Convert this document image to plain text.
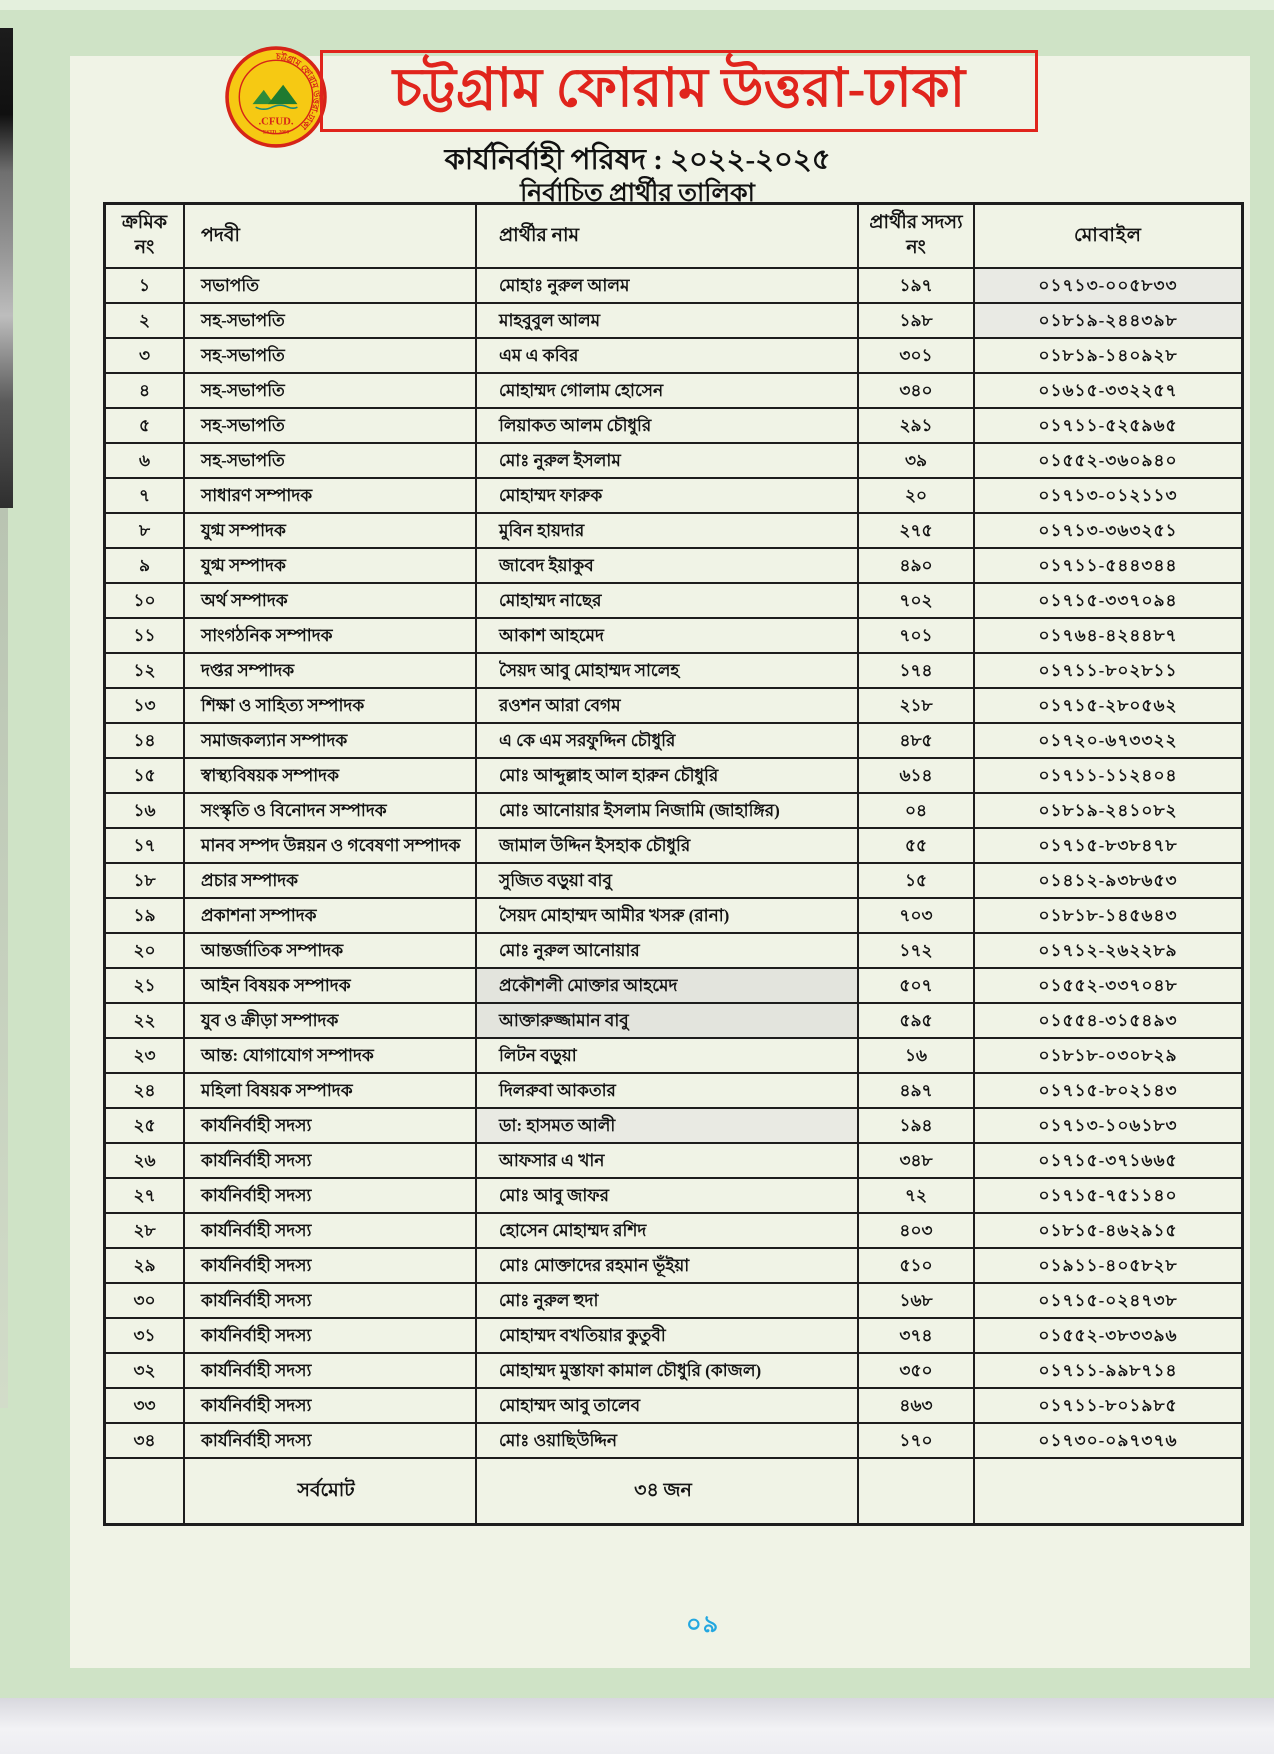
চট্টগ্রাম ফোরাম উত্তরা-ঢাকা
.CFUD.
ESTD. 2008
চট্টগ্রাম ফোরাম উত্তরা-ঢাকা
কার্যনির্বাহী পরিষদ : ২০২২-২০২৫
নির্বাচিত প্রার্থীর তালিকা
ক্রমিক নং	পদবী	প্রার্থীর নাম	প্রার্থীর সদস্য নং	মোবাইল
১	সভাপতি	মোহাঃ নুরুল আলম	১৯৭	০১৭১৩-০০৫৮৩৩
২	সহ-সভাপতি	মাহবুবুল আলম	১৯৮	০১৮১৯-২৪৪৩৯৮
৩	সহ-সভাপতি	এম এ কবির	৩০১	০১৮১৯-১৪০৯২৮
৪	সহ-সভাপতি	মোহাম্মদ গোলাম হোসেন	৩৪০	০১৬১৫-৩৩২২৫৭
৫	সহ-সভাপতি	লিয়াকত আলম চৌধুরি	২৯১	০১৭১১-৫২৫৯৬৫
৬	সহ-সভাপতি	মোঃ নুরুল ইসলাম	৩৯	০১৫৫২-৩৬০৯৪০
৭	সাধারণ সম্পাদক	মোহাম্মদ ফারুক	২০	০১৭১৩-০১২১১৩
৮	যুগ্ম সম্পাদক	মুবিন হায়দার	২৭৫	০১৭১৩-৩৬৩২৫১
৯	যুগ্ম সম্পাদক	জাবেদ ইয়াকুব	৪৯০	০১৭১১-৫৪৪৩৪৪
১০	অর্থ সম্পাদক	মোহাম্মদ নাছের	৭০২	০১৭১৫-৩৩৭০৯৪
১১	সাংগঠনিক সম্পাদক	আকাশ আহমেদ	৭০১	০১৭৬৪-৪২৪৪৮৭
১২	দপ্তর সম্পাদক	সৈয়দ আবু মোহাম্মদ সালেহ	১৭৪	০১৭১১-৮০২৮১১
১৩	শিক্ষা ও সাহিত্য সম্পাদক	রওশন আরা বেগম	২১৮	০১৭১৫-২৮০৫৬২
১৪	সমাজকল্যান সম্পাদক	এ কে এম সরফুদ্দিন চৌধুরি	৪৮৫	০১৭২০-৬৭৩৩২২
১৫	স্বাস্থ্যবিষয়ক সম্পাদক	মোঃ আব্দুল্লাহ আল হারুন চৌধুরি	৬১৪	০১৭১১-১১২৪০৪
১৬	সংস্কৃতি ও বিনোদন সম্পাদক	মোঃ আনোয়ার ইসলাম নিজামি (জাহাঙ্গির)	০৪	০১৮১৯-২৪১০৮২
১৭	মানব সম্পদ উন্নয়ন ও গবেষণা সম্পাদক	জামাল উদ্দিন ইসহাক চৌধুরি	৫৫	০১৭১৫-৮৩৮৪৭৮
১৮	প্রচার সম্পাদক	সুজিত বড়ুয়া বাবু	১৫	০১৪১২-৯৩৮৬৫৩
১৯	প্রকাশনা সম্পাদক	সৈয়দ মোহাম্মদ আমীর খসরু (রানা)	৭০৩	০১৮১৮-১৪৫৬৪৩
২০	আন্তর্জাতিক সম্পাদক	মোঃ নুরুল আনোয়ার	১৭২	০১৭১২-২৬২২৮৯
২১	আইন বিষয়ক সম্পাদক	প্রকৌশলী মোক্তার আহমেদ	৫০৭	০১৫৫২-৩৩৭০৪৮
২২	যুব ও ক্রীড়া সম্পাদক	আক্তারুজ্জামান বাবু	৫৯৫	০১৫৫৪-৩১৫৪৯৩
২৩	আন্ত: যোগাযোগ সম্পাদক	লিটন বড়ুয়া	১৬	০১৮১৮-০৩০৮২৯
২৪	মহিলা বিষয়ক সম্পাদক	দিলরুবা আকতার	৪৯৭	০১৭১৫-৮০২১৪৩
২৫	কার্যনির্বাহী সদস্য	ডা: হাসমত আলী	১৯৪	০১৭১৩-১০৬১৮৩
২৬	কার্যনির্বাহী সদস্য	আফসার এ খান	৩৪৮	০১৭১৫-৩৭১৬৬৫
২৭	কার্যনির্বাহী সদস্য	মোঃ আবু জাফর	৭২	০১৭১৫-৭৫১১৪০
২৮	কার্যনির্বাহী সদস্য	হোসেন মোহাম্মদ রশিদ	৪০৩	০১৮১৫-৪৬২৯১৫
২৯	কার্যনির্বাহী সদস্য	মোঃ মোক্তাদের রহমান ভূঁইয়া	৫১০	০১৯১১-৪০৫৮২৮
৩০	কার্যনির্বাহী সদস্য	মোঃ নুরুল হুদা	১৬৮	০১৭১৫-০২৪৭৩৮
৩১	কার্যনির্বাহী সদস্য	মোহাম্মদ বখতিয়ার কুতুবী	৩৭৪	০১৫৫২-৩৮৩৩৯৬
৩২	কার্যনির্বাহী সদস্য	মোহাম্মদ মুস্তাফা কামাল চৌধুরি (কাজল)	৩৫০	০১৭১১-৯৯৮৭১৪
৩৩	কার্যনির্বাহী সদস্য	মোহাম্মদ আবু তালেব	৪৬৩	০১৭১১-৮০১৯৮৫
৩৪	কার্যনির্বাহী সদস্য	মোঃ ওয়াছিউদ্দিন	১৭০	০১৭৩০-০৯৭৩৭৬
	সর্বমোট	৩৪ জন		
০৯
